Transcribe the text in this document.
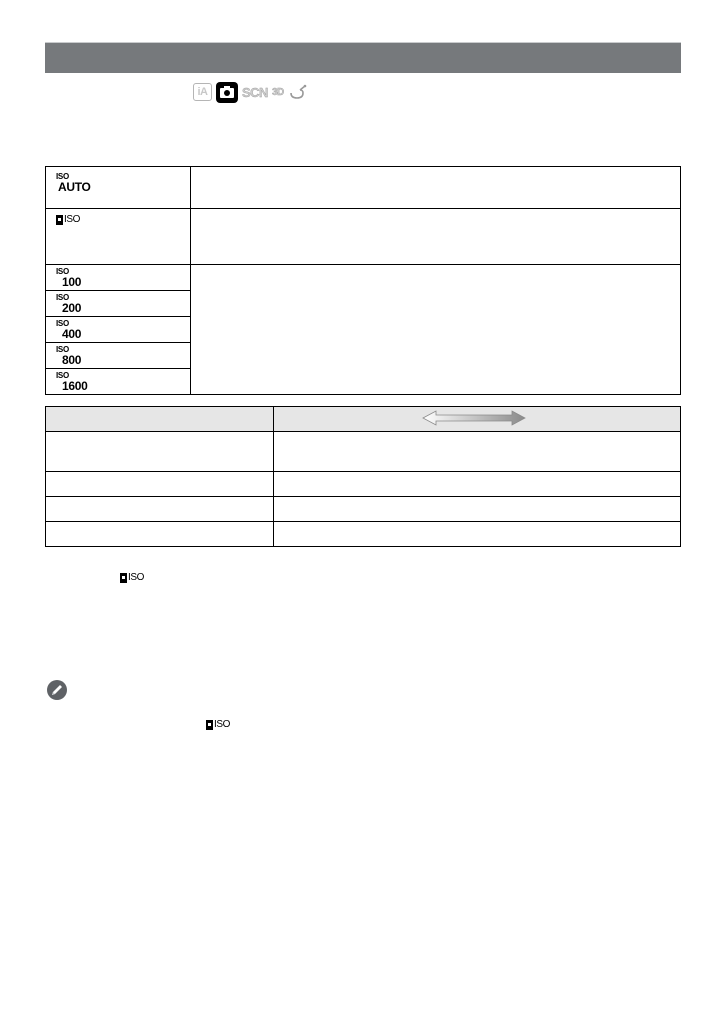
iA	SCN 3D
ISO
AUTO	

ISO	

ISO
100	

ISO
200	

ISO
400	

ISO
800	

ISO
1600	

ISO
ISO
